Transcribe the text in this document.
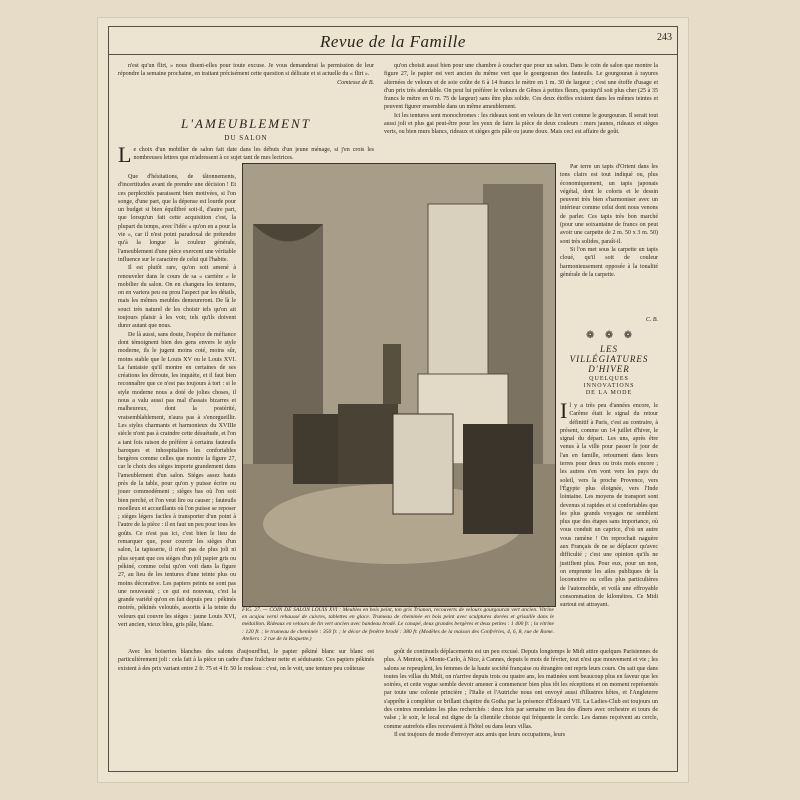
Revue de la Famille	243

n'est qu'un flirt, » nous disent-elles pour toute excuse. Je vous demanderai la permission de leur répondre la semaine prochaine, en traitant précisément cette question si délicate et si actuelle du « flirt ».

Comtesse de B.
L'AMEUBLEMENT
DU SALON
Le choix d'un mobilier de salon fait date dans les débuts d'un jeune ménage, si j'en crois les nombreuses lettres que m'adressent à ce sujet tant de mes lectrices.

Que d'hésitations, de tâtonnements, d'incertitudes avant de prendre une décision ! Et ces perplexités paraissent bien motivées, si l'on songe, d'une part, que la dépense est lourde pour un budget si bien équilibré soit-il, d'autre part, que lorsqu'un fait cette acquisition c'est, la plupart du temps, avec l'idée « qu'on en a pour la vie », car il n'est point paradoxal de prétendre qu'à la longue la couleur générale, l'ameublement d'une pièce exercent une véritable influence sur le caractère de celui qui l'habite.

Il est plutôt rare, qu'on soit amené à renouveler dans le cours de sa « carrière » le mobilier du salon. On en changera les tentures, on en variera peu ou prou l'aspect par les détails, mais les mêmes meubles demeureront. De là le souci très naturel de les choisir tels qu'on ait toujours plaisir à les voir, tels qu'ils doivent durer autant que nous.

De là aussi, sans doute, l'espèce de méfiance dont témoignent bien des gens envers le style moderne, ils le jugent moins coté, moins sûr, moins stable que le Louis XV ou le Louis XVI. La fantaisie qu'il montre en certaines de ses créations les déroute, les inquiète, et il faut bien reconnaître que ce n'est pas toujours à tort : si le style moderne nous a doté de jolies choses, il nous a valu aussi pas mal d'assais bizarres et malheureux, dont la postérité, vraisemblablement, n'aura pas à s'enorgueillir. Les styles charmants et harmonieux du XVIIIe siècle n'ont pas à craindre cette désuétude, et l'on a tant fois raison de préférer à certains fauteuils baroques et inhospitaliers les confortables bergères comme celles que montre la figure 27, car le choix des sièges importe grandement dans l'ameublement d'un salon. Sièges assez hauts près de la table, pour qu'on y puisse écrire ou jouer commodément ; sièges bas où l'on soit bien perché, et l'on veut lire ou causer ; fauteuils moelleux et accueillants où l'on puisse se reposer ; sièges légers faciles à transporter d'un point à l'autre de la pièce : il en faut un peu pour tous les goûts. Ce n'est pas ici, c'est bien le lieu de remarquer que, pour couvrir les sièges d'un salon, la tapisserie, il n'est pas de plus joli ni plus seyant que ces sièges d'un joli papier gris ou pékiné, comme celui qu'on voit dans la figure 27, au lieu de les tentures d'une teinte plus ou moins décorative. Les papiers peints ne sont pas une nouveauté ; ce qui est nouveau, c'est la grande variété qu'on en fait depuis peu : pékinés moirés, pékinés veloutés, assortis à la teinte du velours qui couvre les sièges : jaune Louis XVI, vert ancien, vieux bleu, gris pâle, blanc.

FIG. 27. — COIN DE SALON LOUIS XVI : Meubles en bois peint, ton gris Trianon, recouverts de velours gourgouran vert ancien. Vitrine en acajou verni rehaussé de cuivres, tablettes en glace. Trumeau de cheminée en bois peint avec sculptures dorées et grisaille dans le médaillon. Rideaux en velours de lin vert ancien avec bandeau brodé. Le canapé, deux grandes bergères et deux petites : 1 400 fr. ; la vitrine : 120 fr. ; le trumeau de cheminée : 350 fr. ; le décor de fenêtre brodé : 380 fr. (Modèles de la maison des Confréries, 4, 6, 8, rue de Rome. Ateliers : 2 rue de la Roquette.)

Avec les boiseries blanches des salons d'aujourd'hui, le papier pékiné blanc sur blanc est particulièrement joli : cela fait à la pièce un cadre d'une fraîcheur nette et séduisante. Ces papiers pékinés existent à des prix variant entre 2 fr. 75 et 4 fr. 50 le rouleau : c'est, on le voit, une tenture peu coûteuse

qu'on choisit aussi bien pour une chambre à coucher que pour un salon. Dans le coin de salon que montre la figure 27, le papier est vert ancien du même vert que le gourgouran des fauteuils. Le gourgouran à rayures alternées de velours et de soie coûte de 6 à 14 francs le mètre en 1 m. 30 de largeur ; c'est une étoffe d'usage et d'un prix très abordable. On peut lui préférer le velours de Gênes à petites fleurs, quoiqu'il soit plus cher (25 à 35 francs le mètre en 0 m. 75 de largeur) sans être plus solide. Ces deux étoffes existent dans les mêmes teintes et peuvent figurer ensemble dans un même ameublement.

Ici les tentures sont monochromes : les rideaux sont en velours de lin vert comme le gourgouran. Il serait tout aussi joli et plus gai peut-être pour les yeux de faire la pièce de deux couleurs : murs jaunes, rideaux et sièges verts, ou bien murs blancs, rideaux et sièges gris pâle ou jaune doux. Mais ceci est affaire de goût.

Par terre un tapis d'Orient dans les tons clairs est tout indiqué ou, plus économiquement, un tapis japonais végétal, dont le coloris et le dessin peuvent très bien s'harmoniser avec un intérieur comme celui dont nous venons de parler. Ces tapis très bon marché (pour une soixantaine de francs on peut avoir une carpette de 2 m. 50 x 3 m. 50) sont très solides, paraît-il.

Si l'on met sous la carpette un tapis cloué, qu'il soit de couleur harmonieusement opposée à la tonalité générale de la carpette.

C. B.
❁ ❁ ❁
LES
VILLÉGIATURES
D'HIVER
QUELQUES
INNOVATIONS
DE LA MODE
Il y a très peu d'années encore, le Carême était le signal du retour définitif à Paris, c'est au contraire, à présent, comme un 14 juillet d'hiver, le signal du départ. Les uns, après être venus à la ville pour passer le jour de l'an en famille, retournent dans leurs terres pour deux ou trois mois encore ; les autres s'en vont vers les pays du soleil, vers la proche Provence, vers l'Égypte plus éloignée, vers l'Inde lointaine. Les moyens de transport sont devenus si rapides et si confortables que les plus grands voyages ne semblent plus que des étapes sans importance, où vous conduit un caprice, d'où un autre vous ramène ! On reprochait naguère aux Français de ne se déplacer qu'avec difficulté ; c'est une opinion qu'ils ne justifient plus. Pour eux, pour un non, on emprunte les ailes publiques de la locomotive ou celles plus particulières de l'automobile, et voilà une effroyable consommation de kilomètres. Ce Midi surtout est attrayant.

goût de continuels déplacements est un peu excusé. Depuis longtemps le Midi attire quelques Parisiennes de plus. À Menton, à Monte-Carlo, à Nice, à Cannes, depuis le mois de février, tout n'est que mouvement et vie ; les salons se repeuplent, les femmes de la haute société française ou étrangère ont repris leurs cours. On sait que dans toutes les villas du Midi, on n'arrive depuis trois ou quatre ans, les matinées sont beaucoup plus en faveur que les soirées, et cette vogue semble devoir amener à commencer bien plus tôt les réceptions et on moment représentés par toute une colonie princière ; l'Italie et l'Autriche nous ont envoyé aussi d'illustres hôtes, et l'Angleterre s'apprête à compléter ce brillant chapitre du Gotha par la présence d'Édouard VII. La Ladies-Club est toujours un des centres mondains les plus recherchés : deux fois par semaine on lieu des dîners avec orchestre et tours de valse ; le soir, le local est digne de la clientèle choisie qui fréquente le cercle. Les dames reçoivent au cercle, comme autrefois elles recevaient à l'hôtel ou dans leurs villas.

Il est toujours de mode d'envoyer aux amis que leurs occupations, leurs
